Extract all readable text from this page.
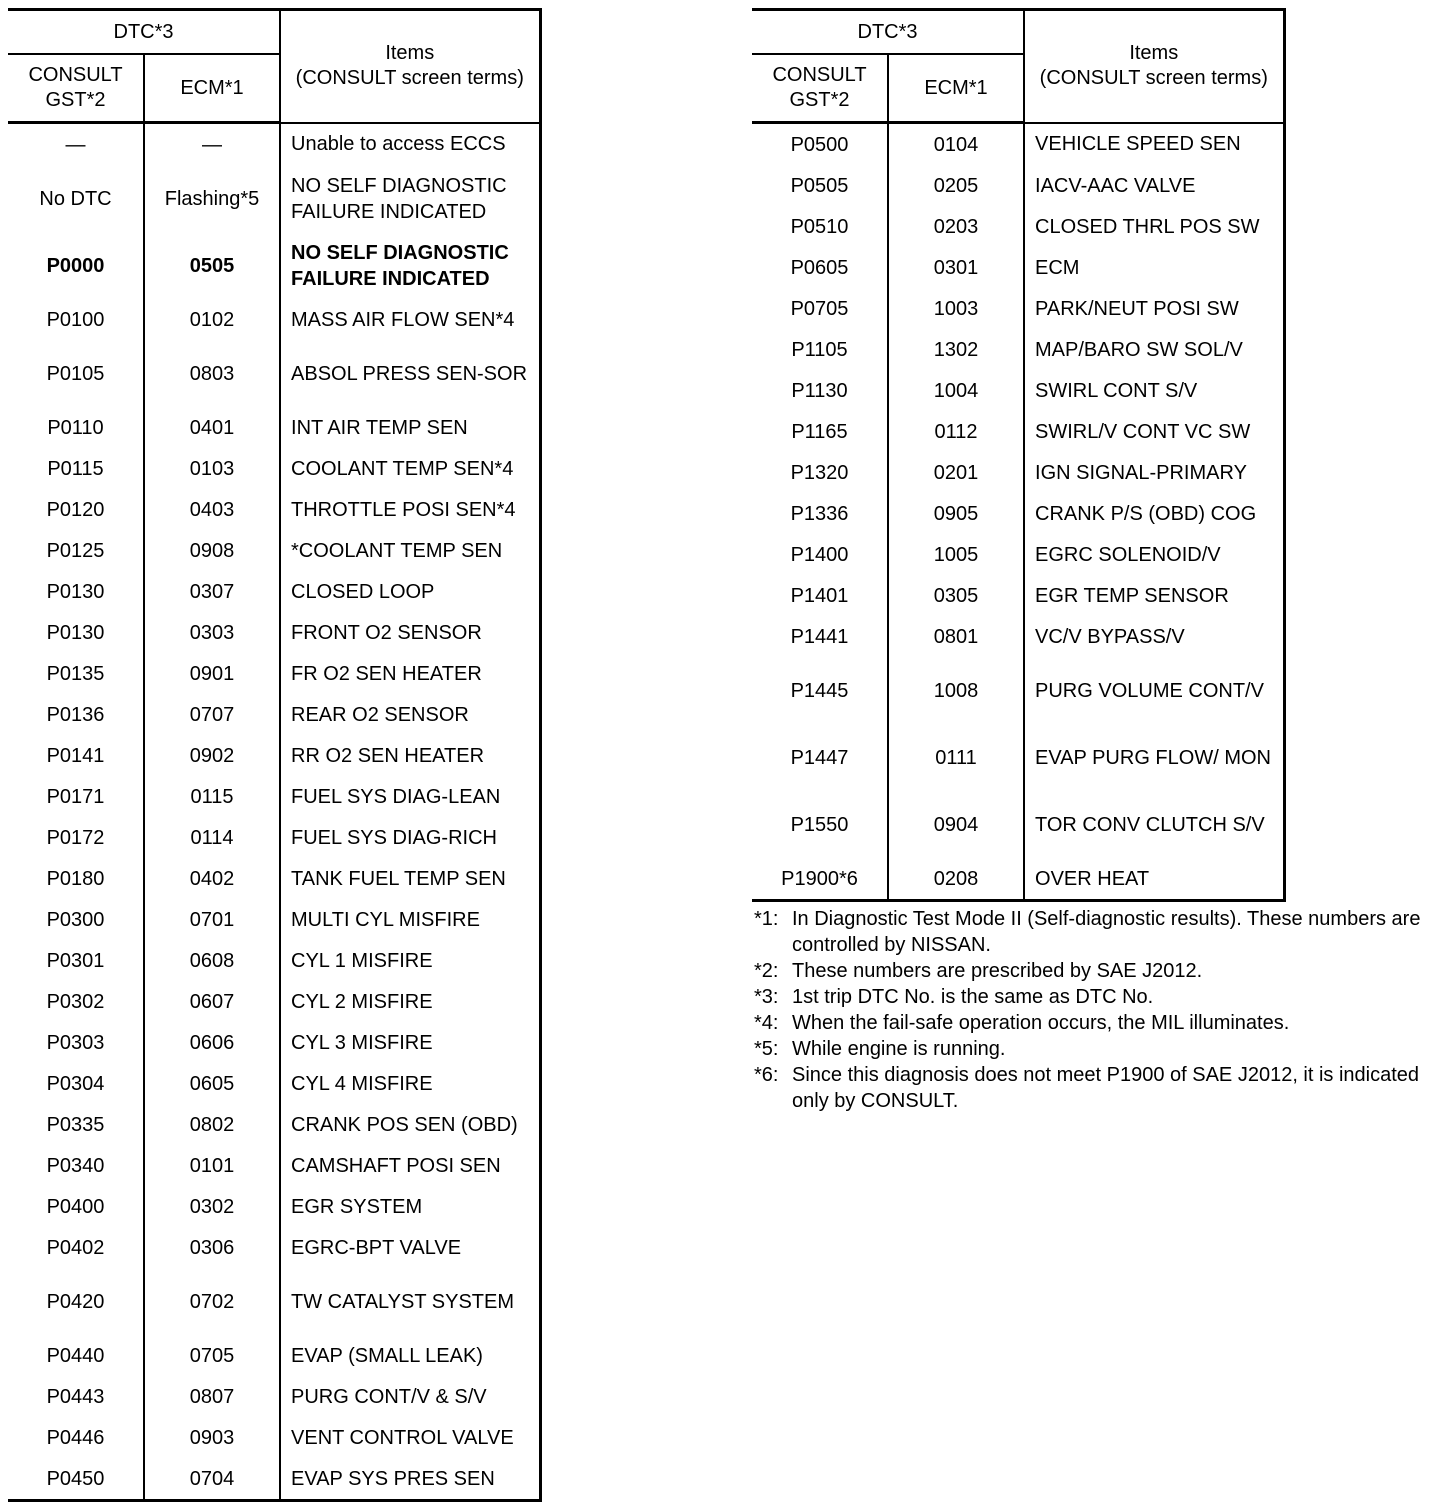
DTC*3		Items
(CONSULT screen terms)
CONSULT
GST*2	ECM*1	
—	—	Unable to access ECCS
No DTC	Flashing*5	NO SELF DIAGNOSTIC FAILURE INDICATED
P0000	0505	NO SELF DIAGNOSTIC FAILURE INDICATED
P0100	0102	MASS AIR FLOW SEN*4
P0105	0803	ABSOL PRESS SEN-SOR
P0110	0401	INT AIR TEMP SEN
P0115	0103	COOLANT TEMP SEN*4
P0120	0403	THROTTLE POSI SEN*4
P0125	0908	*COOLANT TEMP SEN
P0130	0307	CLOSED LOOP
P0130	0303	FRONT O2 SENSOR
P0135	0901	FR O2 SEN HEATER
P0136	0707	REAR O2 SENSOR
P0141	0902	RR O2 SEN HEATER
P0171	0115	FUEL SYS DIAG-LEAN
P0172	0114	FUEL SYS DIAG-RICH
P0180	0402	TANK FUEL TEMP SEN
P0300	0701	MULTI CYL MISFIRE
P0301	0608	CYL 1 MISFIRE
P0302	0607	CYL 2 MISFIRE
P0303	0606	CYL 3 MISFIRE
P0304	0605	CYL 4 MISFIRE
P0335	0802	CRANK POS SEN (OBD)
P0340	0101	CAMSHAFT POSI SEN
P0400	0302	EGR SYSTEM
P0402	0306	EGRC-BPT VALVE
P0420	0702	TW CATALYST SYSTEM
P0440	0705	EVAP (SMALL LEAK)
P0443	0807	PURG CONT/V & S/V
P0446	0903	VENT CONTROL VALVE
P0450	0704	EVAP SYS PRES SEN
DTC*3		Items
(CONSULT screen terms)
CONSULT
GST*2	ECM*1	
P0500	0104	VEHICLE SPEED SEN
P0505	0205	IACV-AAC VALVE
P0510	0203	CLOSED THRL POS SW
P0605	0301	ECM
P0705	1003	PARK/NEUT POSI SW
P1105	1302	MAP/BARO SW SOL/V
P1130	1004	SWIRL CONT S/V
P1165	0112	SWIRL/V CONT VC SW
P1320	0201	IGN SIGNAL-PRIMARY
P1336	0905	CRANK P/S (OBD) COG
P1400	1005	EGRC SOLENOID/V
P1401	0305	EGR TEMP SENSOR
P1441	0801	VC/V BYPASS/V
P1445	1008	PURG VOLUME CONT/V
P1447	0111	EVAP PURG FLOW/ MON
P1550	0904	TOR CONV CLUTCH S/V
P1900*6	0208	OVER HEAT
*1: In Diagnostic Test Mode II (Self-diagnostic results). These numbers are controlled by NISSAN.
*2: These numbers are prescribed by SAE J2012.
*3: 1st trip DTC No. is the same as DTC No.
*4: When the fail-safe operation occurs, the MIL illuminates.
*5: While engine is running.
*6: Since this diagnosis does not meet P1900 of SAE J2012, it is indicated only by CONSULT.
